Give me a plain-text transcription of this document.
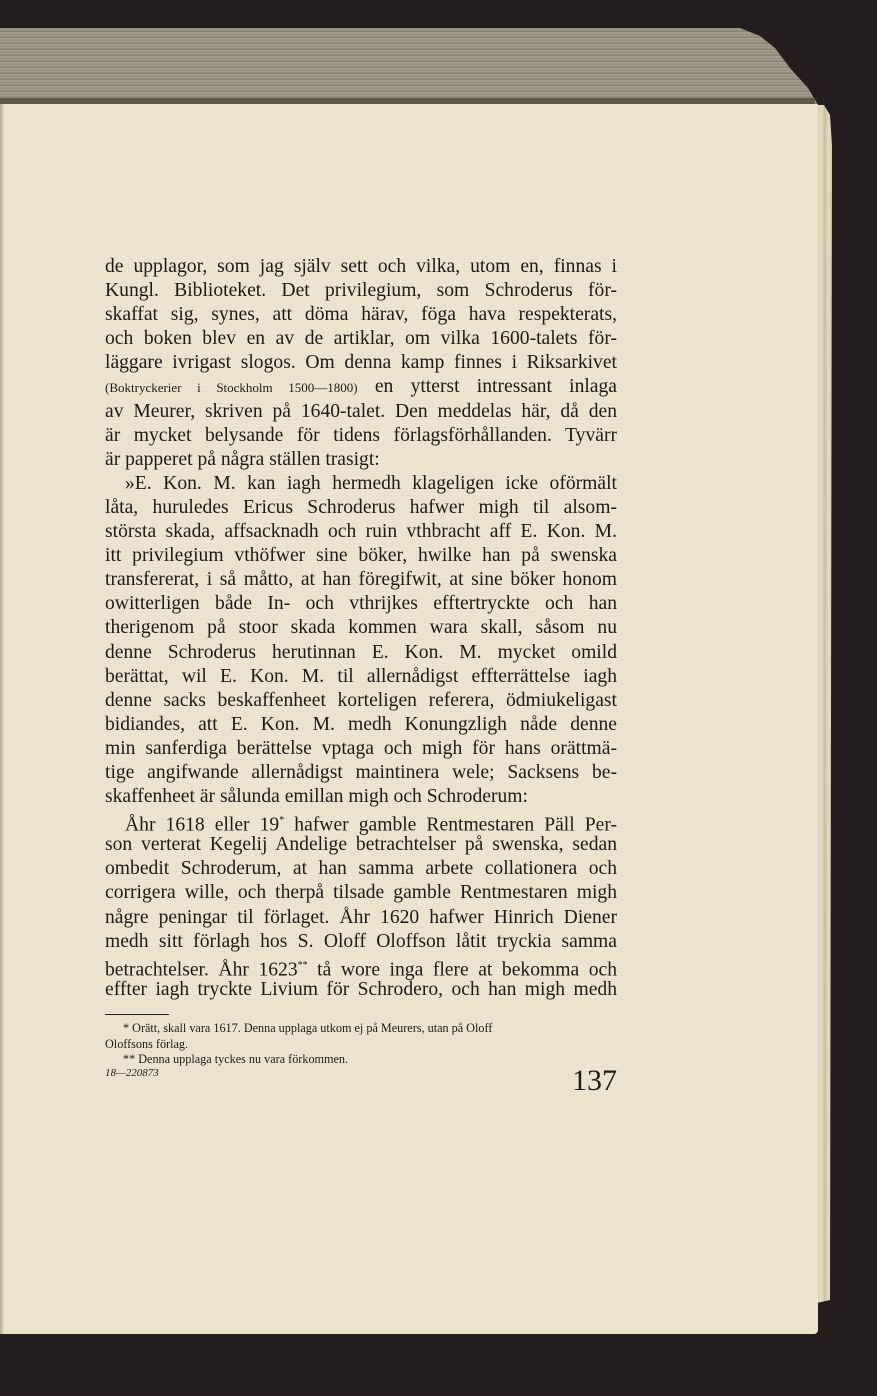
de upplagor, som jag själv sett och vilka, utom en, finnas i
Kungl. Biblioteket. Det privilegium, som Schroderus för-
skaffat sig, synes, att döma härav, föga hava respekterats,
och boken blev en av de artiklar, om vilka 1600-talets för-
läggare ivrigast slogos. Om denna kamp finnes i Riksarkivet
(Boktryckerier i Stockholm 1500—1800) en ytterst intressant inlaga
av Meurer, skriven på 1640-talet. Den meddelas här, då den
är mycket belysande för tidens förlagsförhållanden. Tyvärr
är papperet på några ställen trasigt:
»E. Kon. M. kan iagh hermedh klageligen icke oförmält
låta, huruledes Ericus Schroderus hafwer migh til alsom-
största skada, affsacknadh och ruin vthbracht aff E. Kon. M.
itt privilegium vthöfwer sine böker, hwilke han på swenska
transfererat, i så måtto, at han föregifwit, at sine böker honom
owitterligen både In- och vthrijkes efftertryckte och han
therigenom på stoor skada kommen wara skall, såsom nu
denne Schroderus herutinnan E. Kon. M. mycket omild
berättat, wil E. Kon. M. til allernådigst effterrättelse iagh
denne sacks beskaffenheet korteligen referera, ödmiukeligast
bidiandes, att E. Kon. M. medh Konungzligh nåde denne
min sanferdiga berättelse vptaga och migh för hans orättmä-
tige angifwande allernådigst maintinera wele; Sacksens be-
skaffenheet är sålunda emillan migh och Schroderum:
Åhr 1618 eller 19* hafwer gamble Rentmestaren Päll Per-
son verterat Kegelij Andelige betrachtelser på swenska, sedan
ombedit Schroderum, at han samma arbete collationera och
corrigera wille, och therpå tilsade gamble Rentmestaren migh
någre peningar til förlaget. Åhr 1620 hafwer Hinrich Diener
medh sitt förlagh hos S. Oloff Oloffson låtit tryckia samma
betrachtelser. Åhr 1623** tå wore inga flere at bekomma och
effter iagh tryckte Livium för Schrodero, och han migh medh
* Orätt, skall vara 1617. Denna upplaga utkom ej på Meurers, utan på Oloff
Oloffsons förlag.
** Denna upplaga tyckes nu vara förkommen.
18—220873	137
